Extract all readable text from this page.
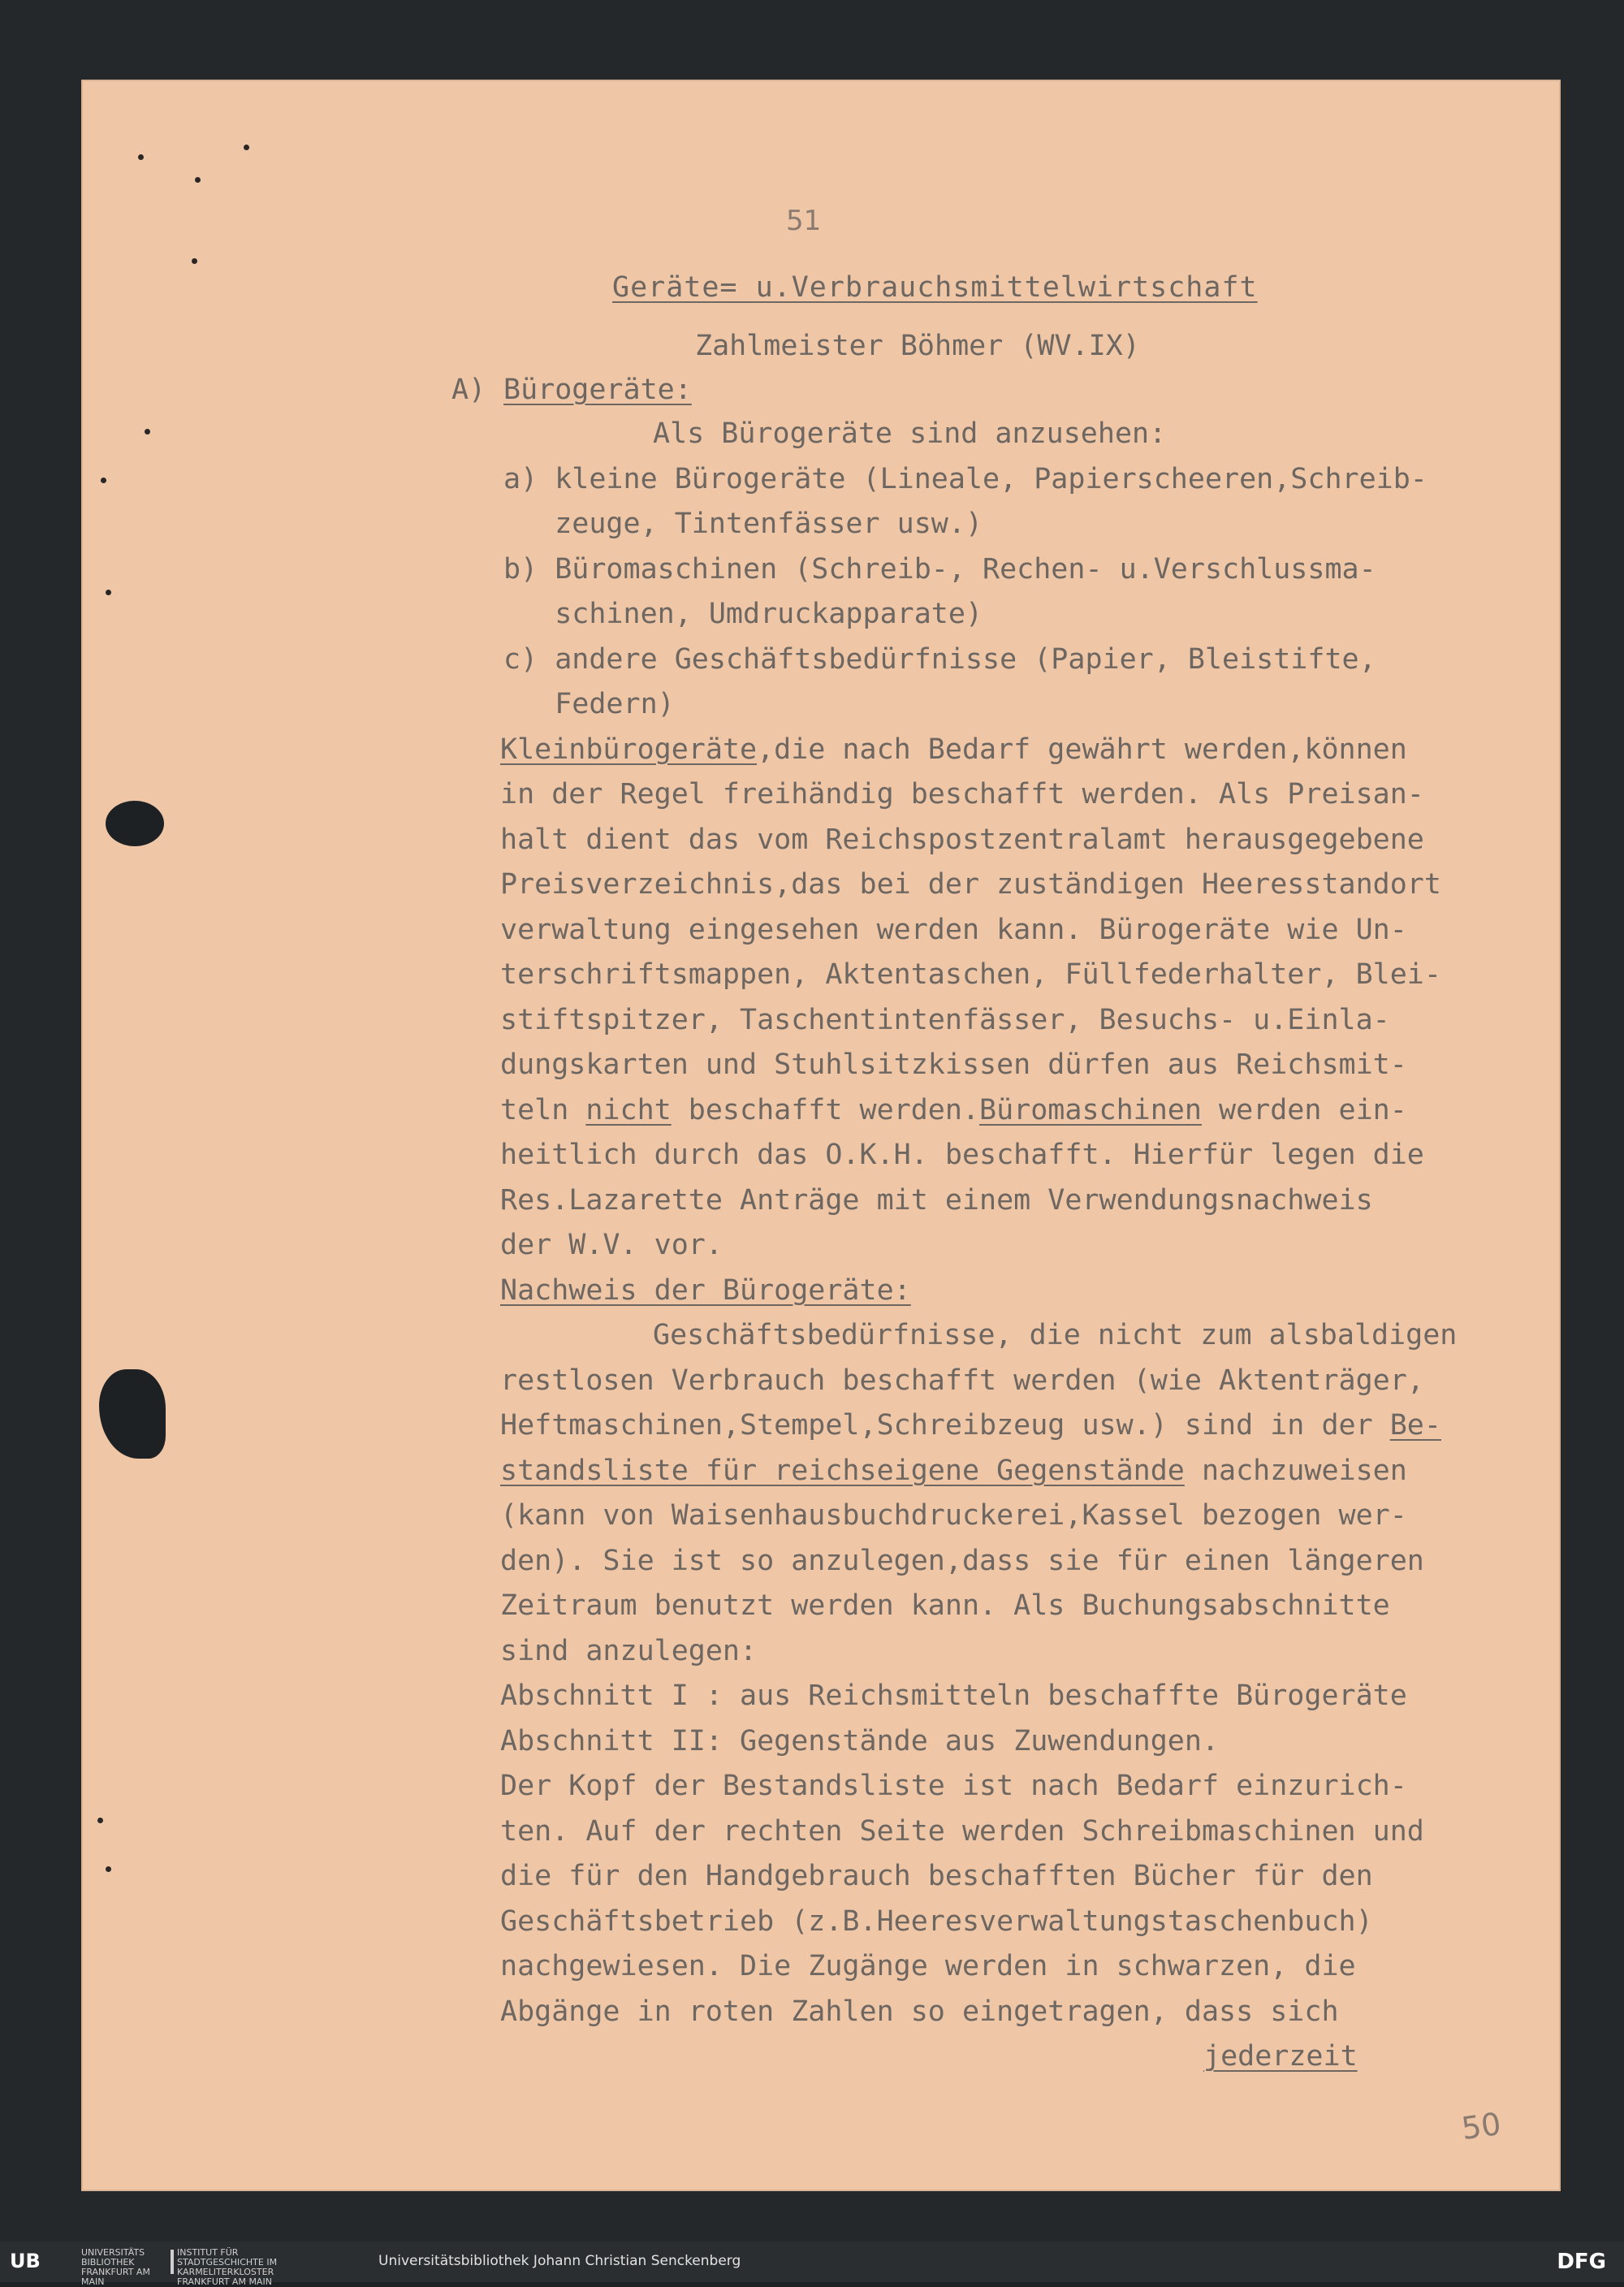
51
Geräte= u.Verbrauchsmittelwirtschaft
Zahlmeister Böhmer (WV.IX)
A) Bürogeräte:
Als Bürogeräte sind anzusehen:
a) kleine Bürogeräte (Lineale, Papierscheeren,Schreib-
zeuge, Tintenfässer usw.)
b) Büromaschinen (Schreib-, Rechen- u.Verschlussma-
schinen, Umdruckapparate)
c) andere Geschäftsbedürfnisse (Papier, Bleistifte,
Federn)
Kleinbürogeräte,die nach Bedarf gewährt werden,können
in der Regel freihändig beschafft werden. Als Preisan-
halt dient das vom Reichspostzentralamt herausgegebene
Preisverzeichnis,das bei der zuständigen Heeresstandort
verwaltung eingesehen werden kann. Bürogeräte wie Un-
terschriftsmappen, Aktentaschen, Füllfederhalter, Blei-
stiftspitzer, Taschentintenfässer, Besuchs- u.Einla-
dungskarten und Stuhlsitzkissen dürfen aus Reichsmit-
teln nicht beschafft werden.Büromaschinen werden ein-
heitlich durch das O.K.H. beschafft. Hierfür legen die
Res.Lazarette Anträge mit einem Verwendungsnachweis
der W.V. vor.
Nachweis der Bürogeräte:
Geschäftsbedürfnisse, die nicht zum alsbaldigen
restlosen Verbrauch beschafft werden (wie Aktenträger,
Heftmaschinen,Stempel,Schreibzeug usw.) sind in der Be-
standsliste für reichseigene Gegenstände nachzuweisen
(kann von Waisenhausbuchdruckerei,Kassel bezogen wer-
den). Sie ist so anzulegen,dass sie für einen längeren
Zeitraum benutzt werden kann. Als Buchungsabschnitte
sind anzulegen:
Abschnitt I : aus Reichsmitteln beschaffte Bürogeräte
Abschnitt II: Gegenstände aus Zuwendungen.
Der Kopf der Bestandsliste ist nach Bedarf einzurich-
ten. Auf der rechten Seite werden Schreibmaschinen und
die für den Handgebrauch beschafften Bücher für den
Geschäftsbetrieb (z.B.Heeresverwaltungstaschenbuch)
nachgewiesen. Die Zugänge werden in schwarzen, die
Abgänge in roten Zahlen so eingetragen, dass sich
jederzeit
50
UB	UNIVERSITÄTS BIBLIOTHEK FRANKFURT AM MAIN
INSTITUT FÜR STADTGESCHICHTE IM KARMELITERKLOSTER FRANKFURT AM MAIN
Universitätsbibliothek Johann Christian Senckenberg	DFG
